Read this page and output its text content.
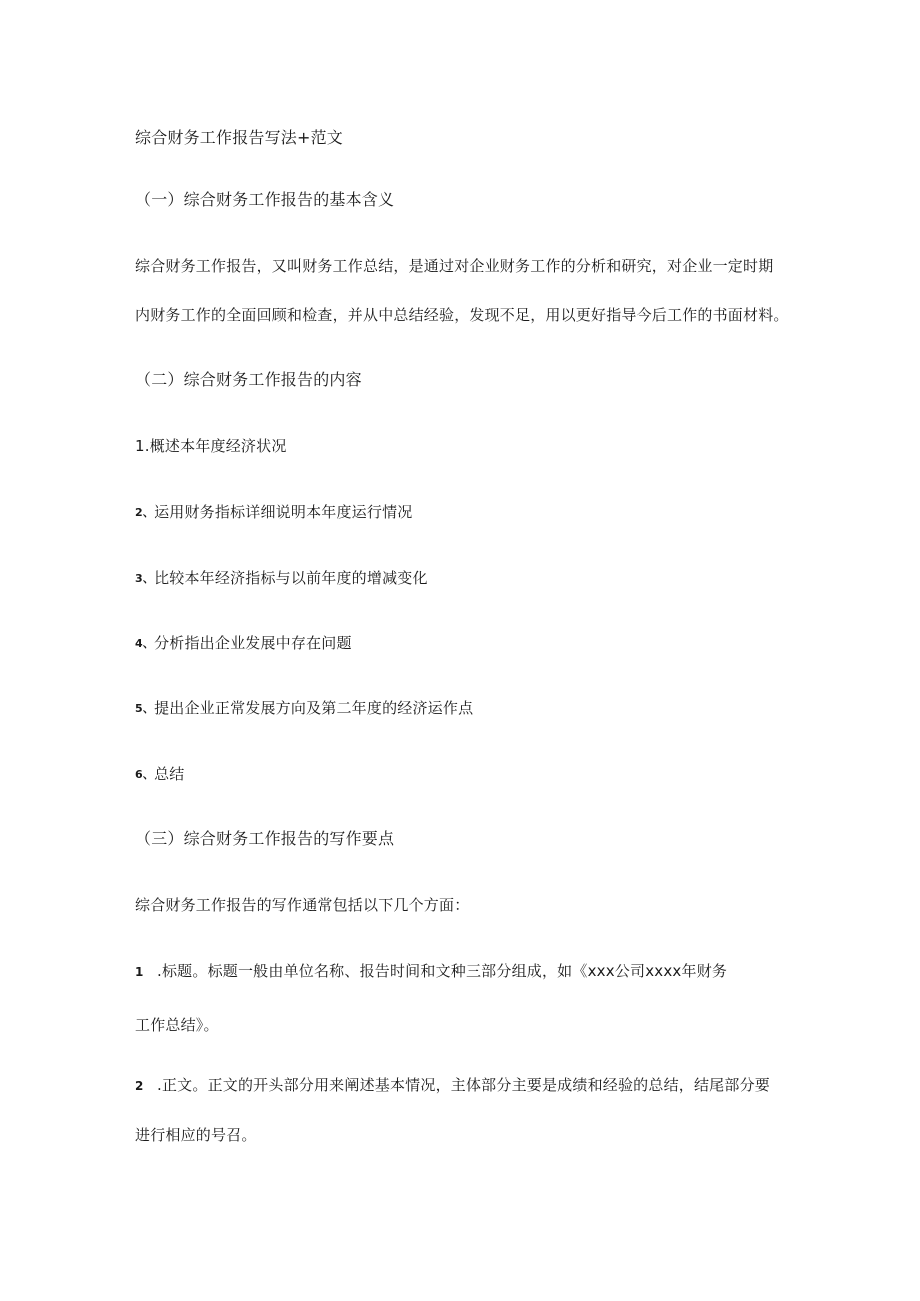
综合财务工作报告写法+范文
（一）综合财务工作报告的基本含义
综合财务工作报告，又叫财务工作总结，是通过对企业财务工作的分析和研究，对企业一定时期
内财务工作的全面回顾和检查，并从中总结经验，发现不足，用以更好指导今后工作的书面材料。
（二）综合财务工作报告的内容
1.概述本年度经济状况
2、运用财务指标详细说明本年度运行情况
3、比较本年经济指标与以前年度的增减变化
4、分析指出企业发展中存在问题
5、提出企业正常发展方向及第二年度的经济运作点
6、总结
（三）综合财务工作报告的写作要点
综合财务工作报告的写作通常包括以下几个方面：
1 .标题。标题一般由单位名称、报告时间和文种三部分组成，如《xxx公司xxxx年财务
工作总结》。
2 .正文。正文的开头部分用来阐述基本情况，主体部分主要是成绩和经验的总结，结尾部分要
进行相应的号召。
